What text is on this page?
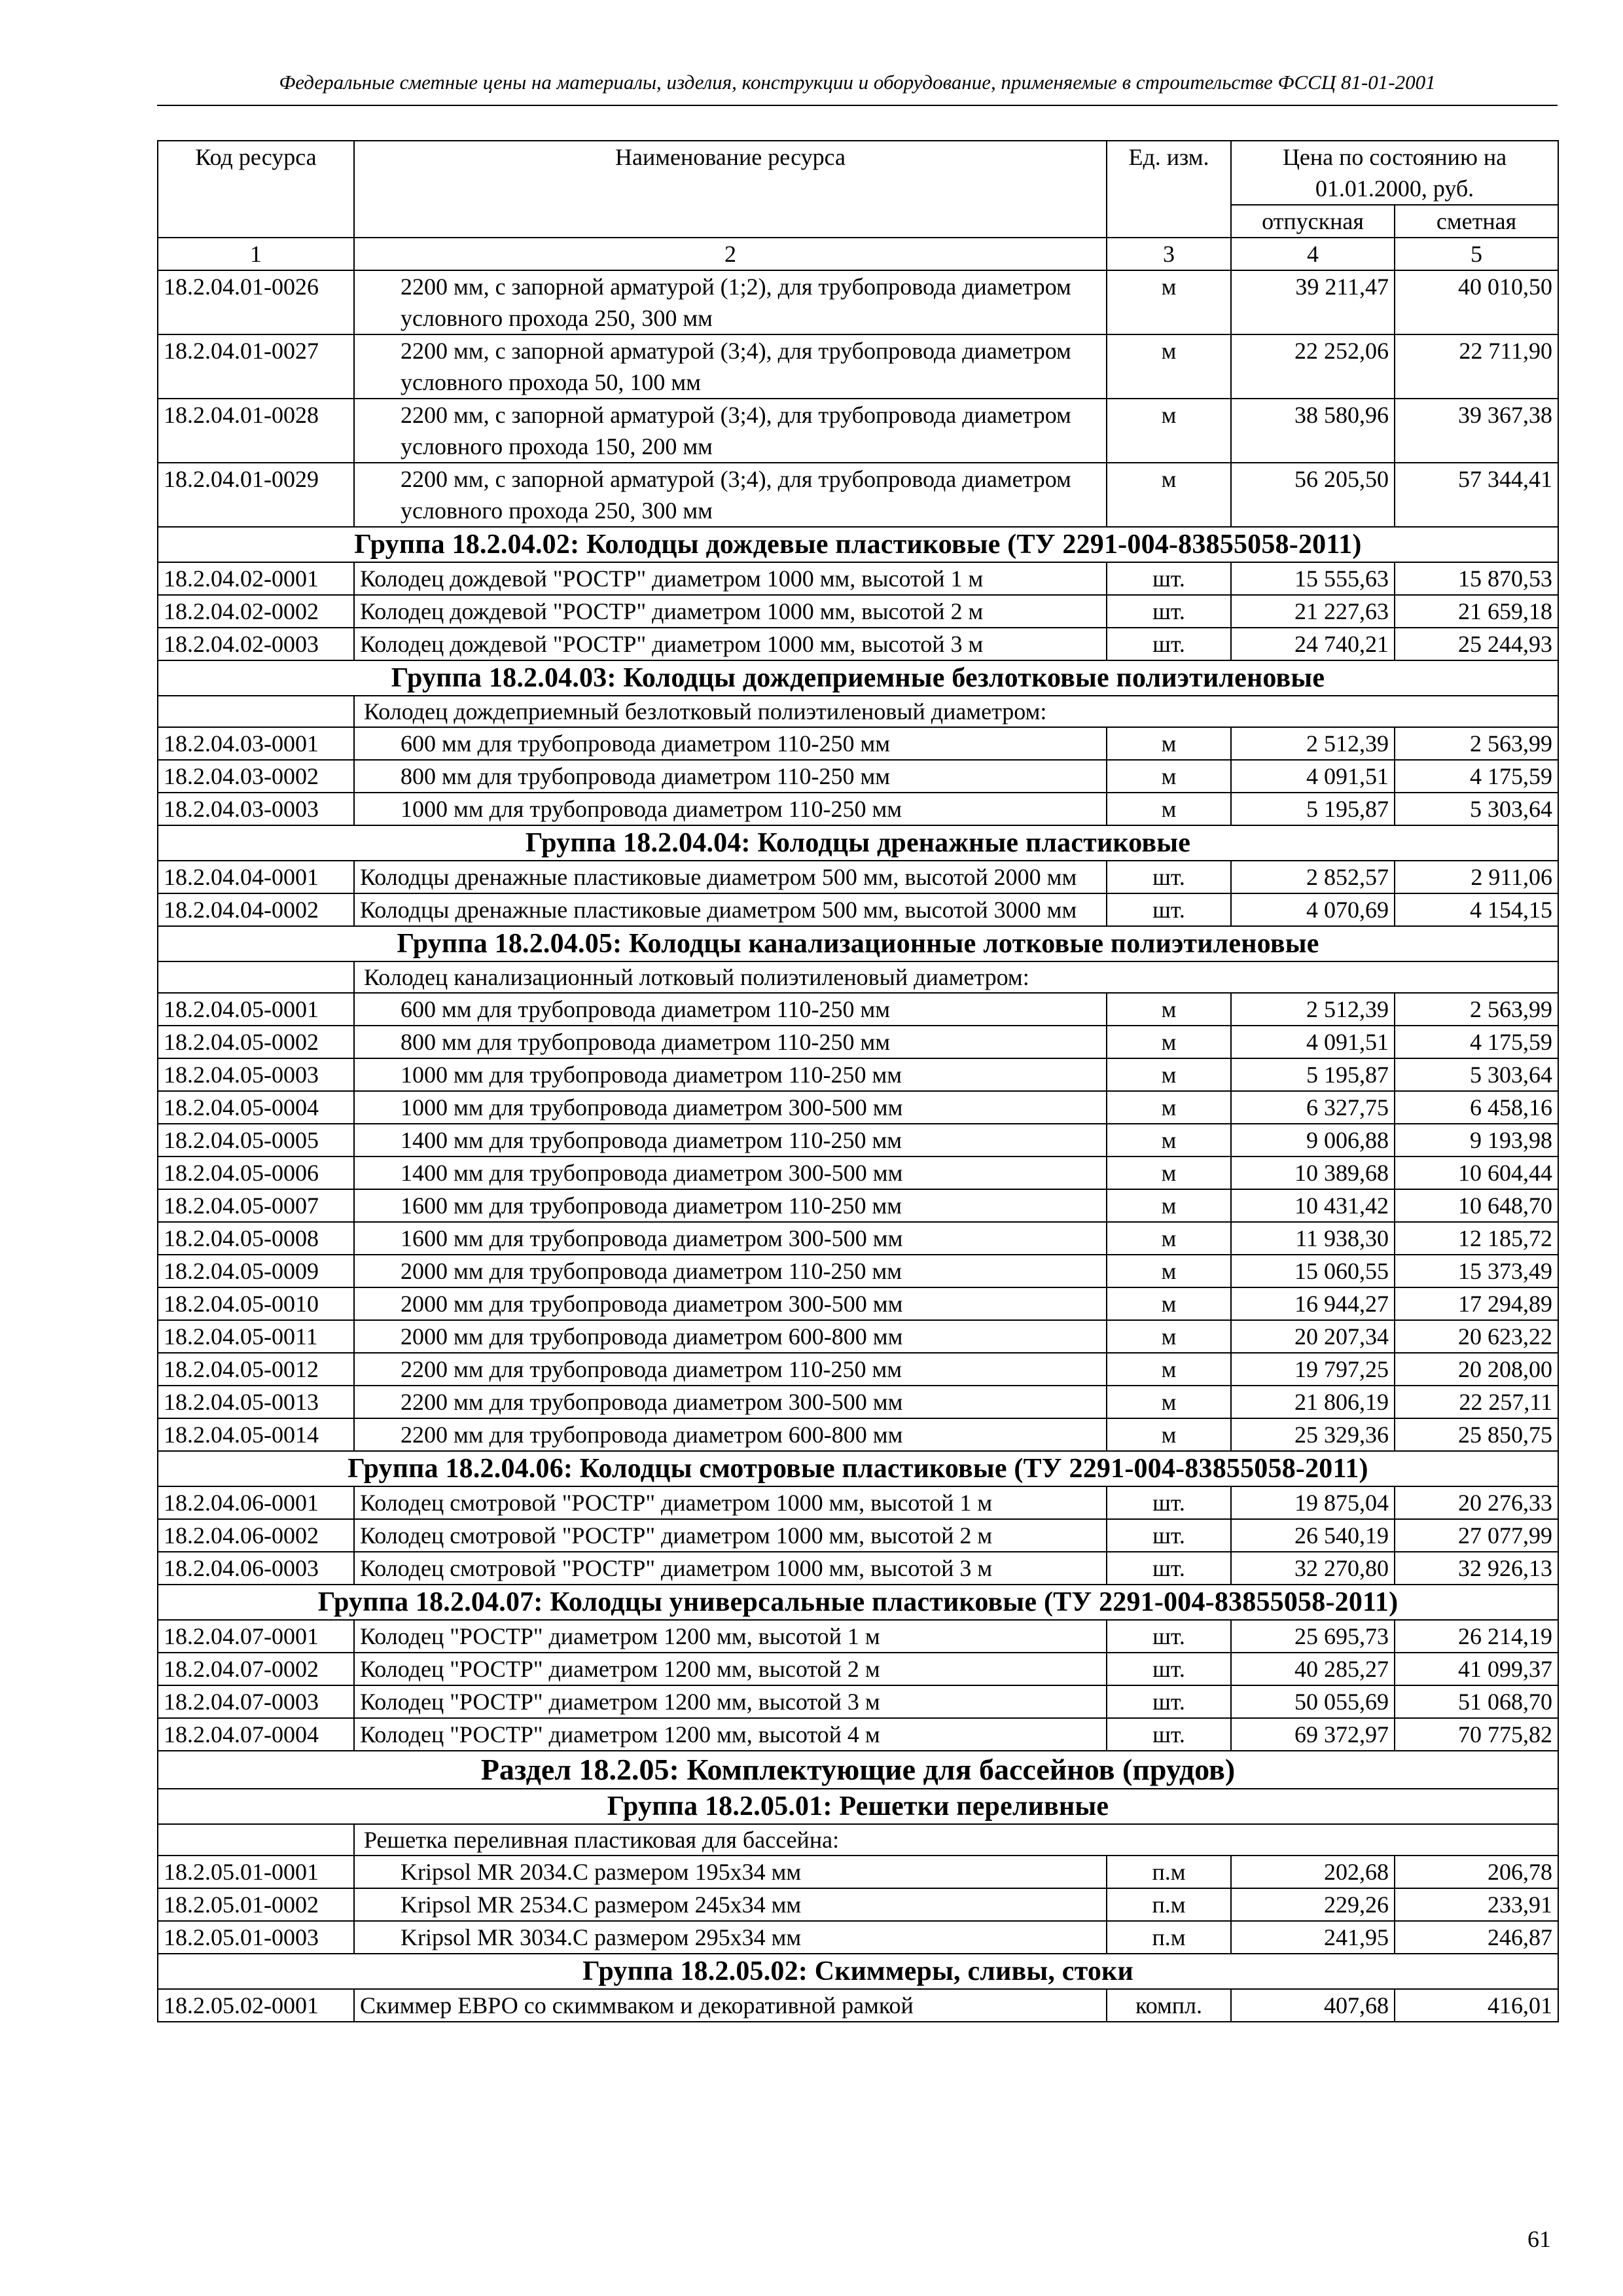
Федеральные сметные цены на материалы, изделия, конструкции и оборудование, применяемые в строительстве ФССЦ 81-01-2001
Код ресурса	Наименование ресурса	Ед. изм.	Цена по состоянию на 01.01.2000, руб.	
			отпускная	сметная
1	2	3	4	5
18.2.04.01-0026	2200 мм, с запорной арматурой (1;2), для трубопровода диаметром условного прохода 250, 300 мм	м	39 211,47	40 010,50
18.2.04.01-0027	2200 мм, с запорной арматурой (3;4), для трубопровода диаметром условного прохода 50, 100 мм	м	22 252,06	22 711,90
18.2.04.01-0028	2200 мм, с запорной арматурой (3;4), для трубопровода диаметром условного прохода 150, 200 мм	м	38 580,96	39 367,38
18.2.04.01-0029	2200 мм, с запорной арматурой (3;4), для трубопровода диаметром условного прохода 250, 300 мм	м	56 205,50	57 344,41
Группа 18.2.04.02: Колодцы дождевые пластиковые (ТУ 2291-004-83855058-2011)				
18.2.04.02-0001	Колодец дождевой "РОСТР" диаметром 1000 мм, высотой 1 м	шт.	15 555,63	15 870,53
18.2.04.02-0002	Колодец дождевой "РОСТР" диаметром 1000 мм, высотой 2 м	шт.	21 227,63	21 659,18
18.2.04.02-0003	Колодец дождевой "РОСТР" диаметром 1000 мм, высотой 3 м	шт.	24 740,21	25 244,93
Группа 18.2.04.03: Колодцы дождеприемные безлотковые полиэтиленовые				
	Колодец дождеприемный безлотковый полиэтиленовый диаметром:			
18.2.04.03-0001	600 мм для трубопровода диаметром 110-250 мм	м	2 512,39	2 563,99
18.2.04.03-0002	800 мм для трубопровода диаметром 110-250 мм	м	4 091,51	4 175,59
18.2.04.03-0003	1000 мм для трубопровода диаметром 110-250 мм	м	5 195,87	5 303,64
Группа 18.2.04.04: Колодцы дренажные пластиковые				
18.2.04.04-0001	Колодцы дренажные пластиковые диаметром 500 мм, высотой 2000 мм	шт.	2 852,57	2 911,06
18.2.04.04-0002	Колодцы дренажные пластиковые диаметром 500 мм, высотой 3000 мм	шт.	4 070,69	4 154,15
Группа 18.2.04.05: Колодцы канализационные лотковые полиэтиленовые				
	Колодец канализационный лотковый полиэтиленовый диаметром:			
18.2.04.05-0001	600 мм для трубопровода диаметром 110-250 мм	м	2 512,39	2 563,99
18.2.04.05-0002	800 мм для трубопровода диаметром 110-250 мм	м	4 091,51	4 175,59
18.2.04.05-0003	1000 мм для трубопровода диаметром 110-250 мм	м	5 195,87	5 303,64
18.2.04.05-0004	1000 мм для трубопровода диаметром 300-500 мм	м	6 327,75	6 458,16
18.2.04.05-0005	1400 мм для трубопровода диаметром 110-250 мм	м	9 006,88	9 193,98
18.2.04.05-0006	1400 мм для трубопровода диаметром 300-500 мм	м	10 389,68	10 604,44
18.2.04.05-0007	1600 мм для трубопровода диаметром 110-250 мм	м	10 431,42	10 648,70
18.2.04.05-0008	1600 мм для трубопровода диаметром 300-500 мм	м	11 938,30	12 185,72
18.2.04.05-0009	2000 мм для трубопровода диаметром 110-250 мм	м	15 060,55	15 373,49
18.2.04.05-0010	2000 мм для трубопровода диаметром 300-500 мм	м	16 944,27	17 294,89
18.2.04.05-0011	2000 мм для трубопровода диаметром 600-800 мм	м	20 207,34	20 623,22
18.2.04.05-0012	2200 мм для трубопровода диаметром 110-250 мм	м	19 797,25	20 208,00
18.2.04.05-0013	2200 мм для трубопровода диаметром 300-500 мм	м	21 806,19	22 257,11
18.2.04.05-0014	2200 мм для трубопровода диаметром 600-800 мм	м	25 329,36	25 850,75
Группа 18.2.04.06: Колодцы смотровые пластиковые (ТУ 2291-004-83855058-2011)				
18.2.04.06-0001	Колодец смотровой "РОСТР" диаметром 1000 мм, высотой 1 м	шт.	19 875,04	20 276,33
18.2.04.06-0002	Колодец смотровой "РОСТР" диаметром 1000 мм, высотой 2 м	шт.	26 540,19	27 077,99
18.2.04.06-0003	Колодец смотровой "РОСТР" диаметром 1000 мм, высотой 3 м	шт.	32 270,80	32 926,13
Группа 18.2.04.07: Колодцы универсальные пластиковые (ТУ 2291-004-83855058-2011)				
18.2.04.07-0001	Колодец "РОСТР" диаметром 1200 мм, высотой 1 м	шт.	25 695,73	26 214,19
18.2.04.07-0002	Колодец "РОСТР" диаметром 1200 мм, высотой 2 м	шт.	40 285,27	41 099,37
18.2.04.07-0003	Колодец "РОСТР" диаметром 1200 мм, высотой 3 м	шт.	50 055,69	51 068,70
18.2.04.07-0004	Колодец "РОСТР" диаметром 1200 мм, высотой 4 м	шт.	69 372,97	70 775,82
Раздел 18.2.05: Комплектующие для бассейнов (прудов)				
Группа 18.2.05.01: Решетки переливные				
	Решетка переливная пластиковая для бассейна:			
18.2.05.01-0001	Kripsol MR 2034.C размером 195x34 мм	п.м	202,68	206,78
18.2.05.01-0002	Kripsol MR 2534.C размером 245x34 мм	п.м	229,26	233,91
18.2.05.01-0003	Kripsol MR 3034.C размером 295x34 мм	п.м	241,95	246,87
Группа 18.2.05.02: Скиммеры, сливы, стоки				
18.2.05.02-0001	Скиммер ЕВРО со скиммваком и декоративной рамкой	компл.	407,68	416,01
61
